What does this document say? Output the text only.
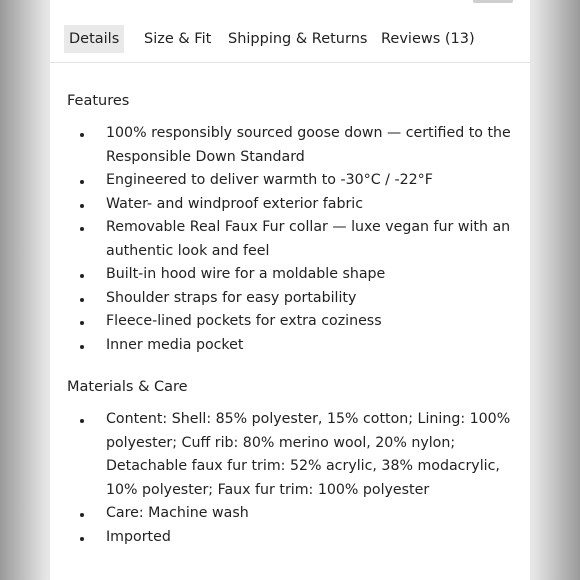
Details	Size & Fit Shipping & Returns Reviews (13)
Features
100% responsibly sourced goose down — certified to the Responsible Down Standard
Engineered to deliver warmth to -30°C / -22°F
Water- and windproof exterior fabric
Removable Real Faux Fur collar — luxe vegan fur with an authentic look and feel
Built-in hood wire for a moldable shape
Shoulder straps for easy portability
Fleece-lined pockets for extra coziness
Inner media pocket
Materials & Care
Content: Shell: 85% polyester, 15% cotton; Lining: 100% polyester; Cuff rib: 80% merino wool, 20% nylon; Detachable faux fur trim: 52% acrylic, 38% modacrylic, 10% polyester; Faux fur trim: 100% polyester
Care: Machine wash
Imported
